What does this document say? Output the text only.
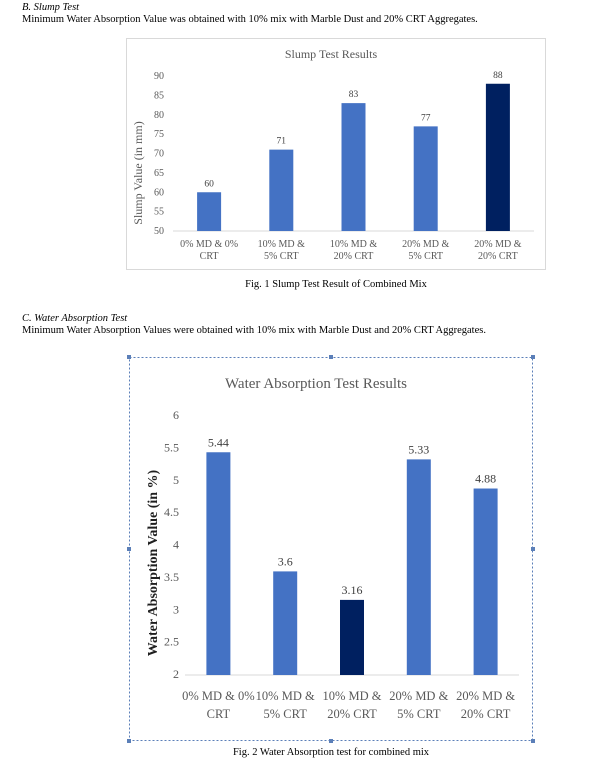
B. Slump Test
Minimum Water Absorption Value was obtained with 10% mix with Marble Dust and 20% CRT Aggregates.
Slump Test Results
Slump Value (in mm)
50
55
60
65
70
75
80
85
90
60
0% MD & 0%
CRT
71
10% MD &
5% CRT
83
10% MD &
20% CRT
77
20% MD &
5% CRT
88
20% MD &
20% CRT
Fig. 1 Slump Test Result of Combined Mix
C. Water Absorption Test
Minimum Water Absorption Values were obtained with 10% mix with Marble Dust and 20% CRT Aggregates.
Water Absorption Test Results
Water Absorption Value (in %)
2
2.5
3
3.5
4
4.5
5
5.5
6
5.44
0% MD & 0%
CRT
3.6
10% MD &
5% CRT
3.16
10% MD &
20% CRT
5.33
20% MD &
5% CRT
4.88
20% MD &
20% CRT
Fig. 2 Water Absorption test for combined mix
